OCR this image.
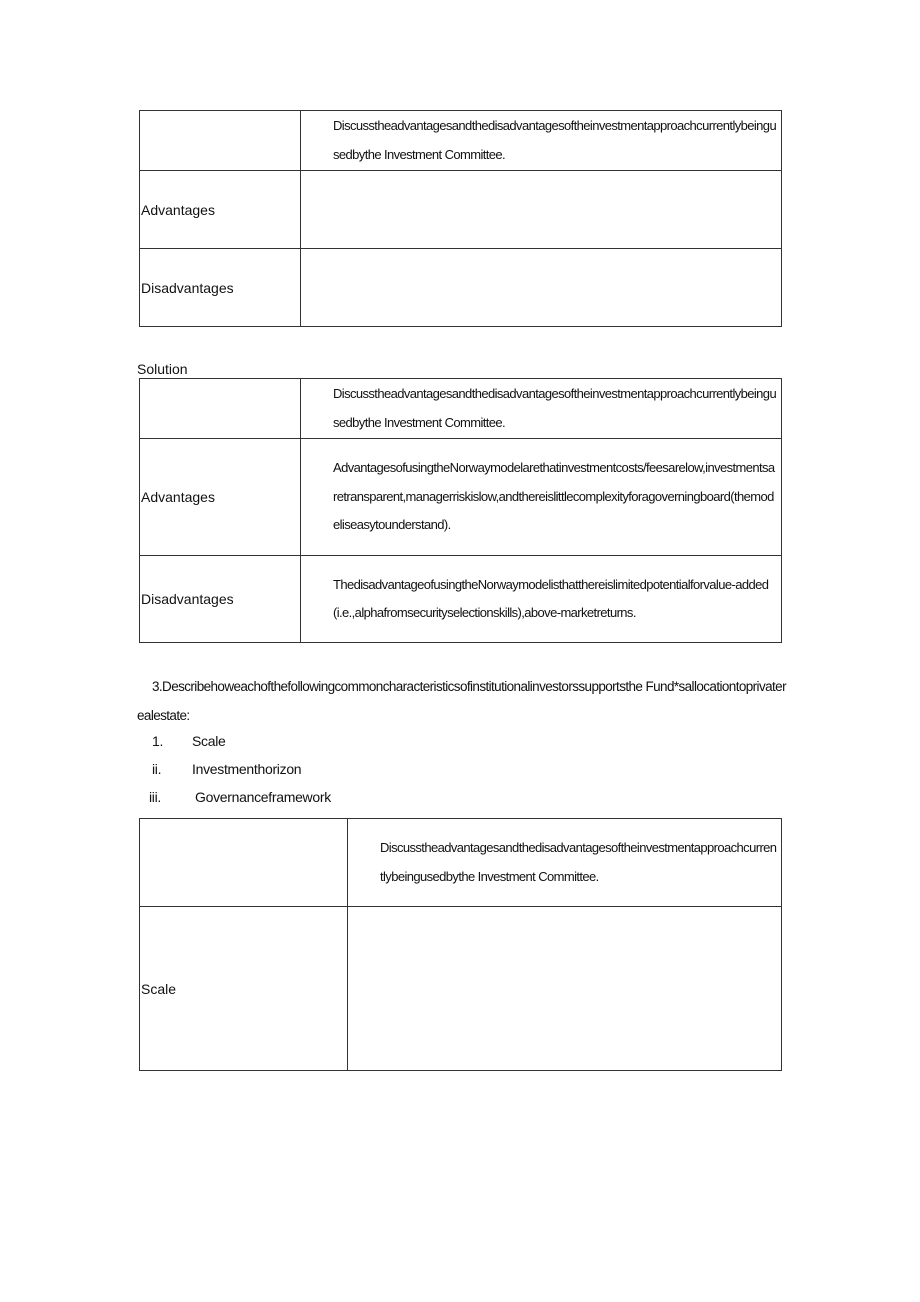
	Discusstheadvantagesandthedisadvantagesoftheinvestmentapproachcurrentlybeingusedbythe Investment Committee.

Advantages	
Disadvantages	
Solution

	Discusstheadvantagesandthedisadvantagesoftheinvestmentapproachcurrentlybeingusedbythe Investment Committee.

Advantages	AdvantagesofusingtheNorwaymodelarethatinvestmentcosts/feesarelow,investmentsaretransparent,managerriskislow,andthereislittlecomplexityforagoverningboard(themodeliseasytounderstand).

Disadvantages	ThedisadvantageofusingtheNorwaymodelisthatthereislimitedpotentialforvalue-added(i.e.,alphafromsecurityselectionskills),above-marketreturns.
3.Describehoweachofthefollowingcommoncharacteristicsofinstitutionalinvestorssupportsthe Fund*sallocationtoprivaterealestate:
1. Scale
ii. Investmenthorizon
iii. Governanceframework

	Discusstheadvantagesandthedisadvantagesoftheinvestmentapproachcurrentlybeingusedbythe Investment Committee.

Scale	
